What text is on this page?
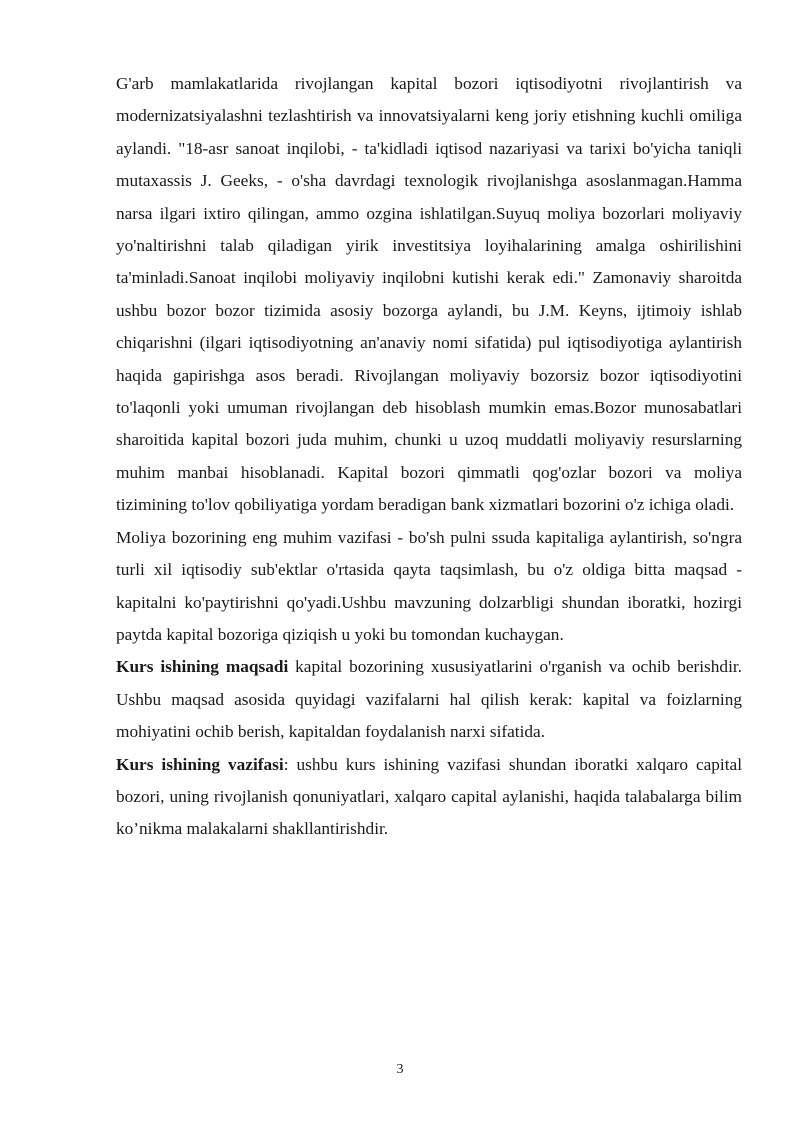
G'arb mamlakatlarida rivojlangan kapital bozori iqtisodiyotni rivojlantirish va modernizatsiyalashni tezlashtirish va innovatsiyalarni keng joriy etishning kuchli omiliga aylandi. "18-asr sanoat inqilobi, - ta'kidladi iqtisod nazariyasi va tarixi bo'yicha taniqli mutaxassis J. Geeks, - o'sha davrdagi texnologik rivojlanishga asoslanmagan.Hamma narsa ilgari ixtiro qilingan, ammo ozgina ishlatilgan.Suyuq moliya bozorlari moliyaviy yo'naltirishni talab qiladigan yirik investitsiya loyihalarining amalga oshirilishini ta'minladi.Sanoat inqilobi moliyaviy inqilobni kutishi kerak edi." Zamonaviy sharoitda ushbu bozor bozor tizimida asosiy bozorga aylandi, bu J.M. Keyns, ijtimoiy ishlab chiqarishni (ilgari iqtisodiyotning an'anaviy nomi sifatida) pul iqtisodiyotiga aylantirish haqida gapirishga asos beradi. Rivojlangan moliyaviy bozorsiz bozor iqtisodiyotini to'laqonli yoki umuman rivojlangan deb hisoblash mumkin emas.Bozor munosabatlari sharoitida kapital bozori juda muhim, chunki u uzoq muddatli moliyaviy resurslarning muhim manbai hisoblanadi. Kapital bozori qimmatli qog'ozlar bozori va moliya tizimining to'lov qobiliyatiga yordam beradigan bank xizmatlari bozorini o'z ichiga oladi.

Moliya bozorining eng muhim vazifasi - bo'sh pulni ssuda kapitaliga aylantirish, so'ngra turli xil iqtisodiy sub'ektlar o'rtasida qayta taqsimlash, bu o'z oldiga bitta maqsad - kapitalni ko'paytirishni qo'yadi.Ushbu mavzuning dolzarbligi shundan iboratki, hozirgi paytda kapital bozoriga qiziqish u yoki bu tomondan kuchaygan.

Kurs ishining maqsadi kapital bozorining xususiyatlarini o'rganish va ochib berishdir. Ushbu maqsad asosida quyidagi vazifalarni hal qilish kerak: kapital va foizlarning mohiyatini ochib berish, kapitaldan foydalanish narxi sifatida.

Kurs ishining vazifasi: ushbu kurs ishining vazifasi shundan iboratki xalqaro capital bozori, uning rivojlanish qonuniyatlari, xalqaro capital aylanishi, haqida talabalarga bilim ko’nikma malakalarni shakllantirishdir.

3
